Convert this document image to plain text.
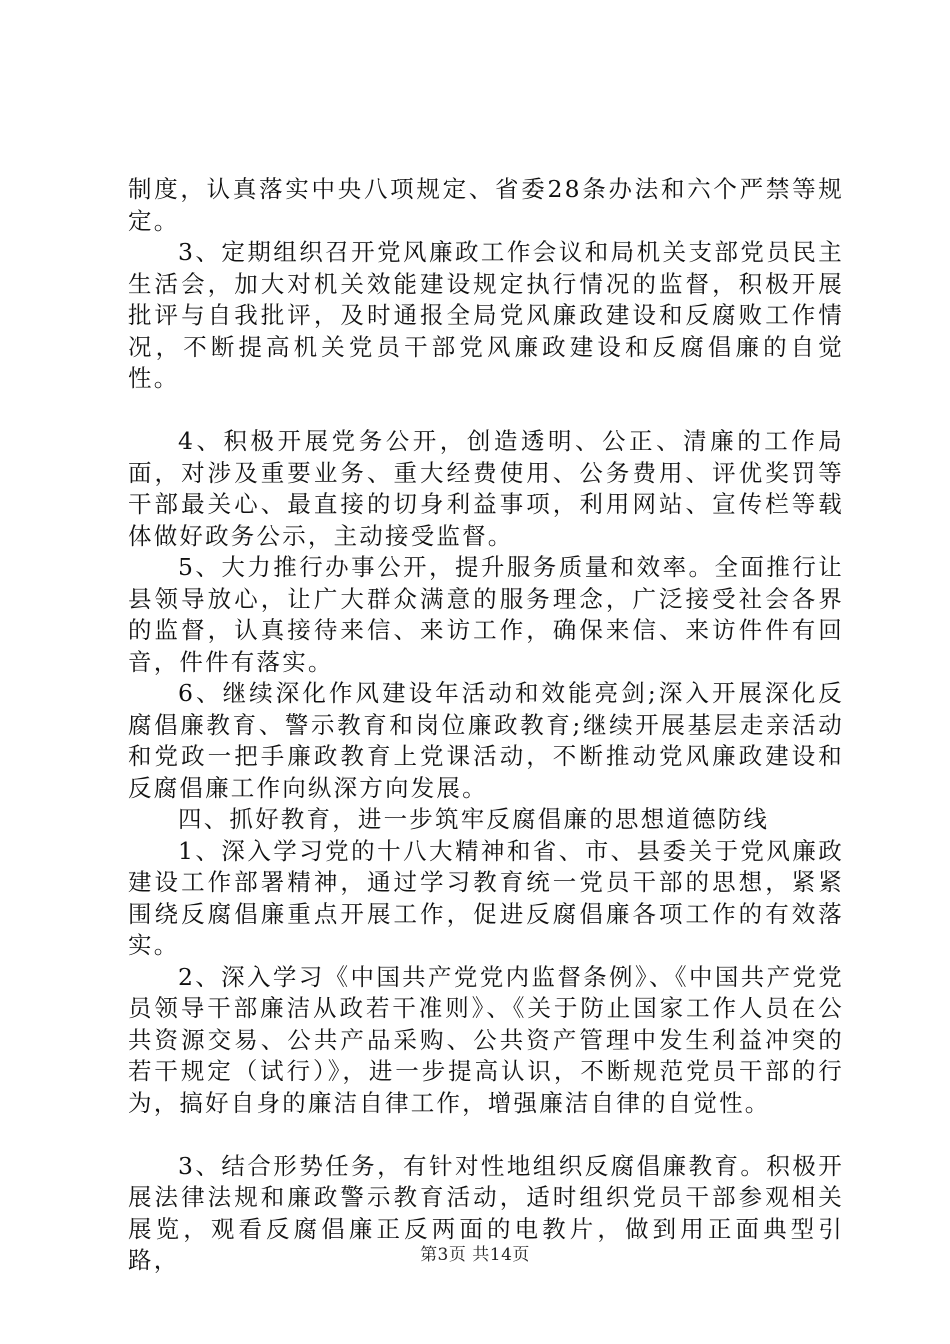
制度，认真落实中央八项规定、省委28条办法和六个严禁等规定。

3、定期组织召开党风廉政工作会议和局机关支部党员民主生活会，加大对机关效能建设规定执行情况的监督，积极开展批评与自我批评，及时通报全局党风廉政建设和反腐败工作情况，不断提高机关党员干部党风廉政建设和反腐倡廉的自觉性。

4、积极开展党务公开，创造透明、公正、清廉的工作局面，对涉及重要业务、重大经费使用、公务费用、评优奖罚等干部最关心、最直接的切身利益事项，利用网站、宣传栏等载体做好政务公示，主动接受监督。

5、大力推行办事公开，提升服务质量和效率。全面推行让县领导放心，让广大群众满意的服务理念，广泛接受社会各界的监督，认真接待来信、来访工作，确保来信、来访件件有回音，件件有落实。

6、继续深化作风建设年活动和效能亮剑;深入开展深化反腐倡廉教育、警示教育和岗位廉政教育;继续开展基层走亲活动和党政一把手廉政教育上党课活动，不断推动党风廉政建设和反腐倡廉工作向纵深方向发展。

四、抓好教育，进一步筑牢反腐倡廉的思想道德防线

1、深入学习党的十八大精神和省、市、县委关于党风廉政建设工作部署精神，通过学习教育统一党员干部的思想，紧紧围绕反腐倡廉重点开展工作，促进反腐倡廉各项工作的有效落实。

2、深入学习《中国共产党党内监督条例》、《中国共产党党员领导干部廉洁从政若干准则》、《关于防止国家工作人员在公共资源交易、公共产品采购、公共资产管理中发生利益冲突的若干规定（试行）》，进一步提高认识，不断规范党员干部的行为，搞好自身的廉洁自律工作，增强廉洁自律的自觉性。

3、结合形势任务，有针对性地组织反腐倡廉教育。积极开展法律法规和廉政警示教育活动，适时组织党员干部参观相关展览，观看反腐倡廉正反两面的电教片，做到用正面典型引路，	第3页 共14页
